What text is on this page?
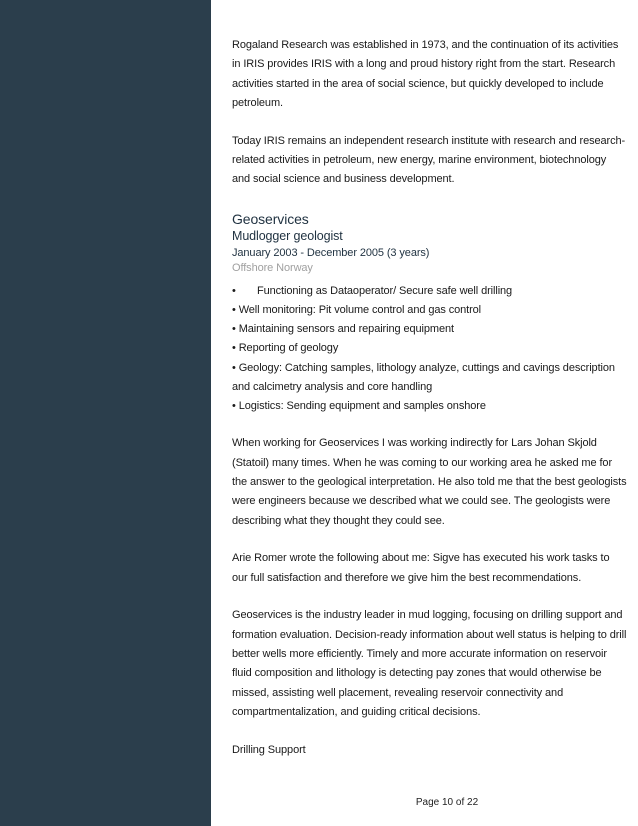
Rogaland Research was established in 1973, and the continuation of its activities in IRIS provides IRIS with a long and proud history right from the start. Research activities started in the area of social science, but quickly developed to include petroleum.

Today IRIS remains an independent research institute with research and research-related activities in petroleum, new energy, marine environment, biotechnology and social science and business development.

Geoservices

Mudlogger geologist

January 2003 - December 2005 (3 years)

Offshore Norway

•	Functioning as Dataoperator/ Secure safe well drilling
• Well monitoring: Pit volume control and gas control
• Maintaining sensors and repairing equipment
• Reporting of geology
• Geology: Catching samples, lithology analyze, cuttings and cavings description and calcimetry analysis and core handling
• Logistics: Sending equipment and samples onshore

When working for Geoservices I was working indirectly for Lars Johan Skjold (Statoil) many times. When he was coming to our working area he asked me for the answer to the geological interpretation. He also told me that the best geologists were engineers because we described what we could see. The geologists were describing what they thought they could see.

Arie Romer wrote the following about me: Sigve has executed his work tasks to our full satisfaction and therefore we give him the best recommendations.

Geoservices is the industry leader in mud logging, focusing on drilling support and formation evaluation. Decision-ready information about well status is helping to drill better wells more efficiently. Timely and more accurate information on reservoir fluid composition and lithology is detecting pay zones that would otherwise be missed, assisting well placement, revealing reservoir connectivity and compartmentalization, and guiding critical decisions.

Drilling Support

Page 10 of 22
